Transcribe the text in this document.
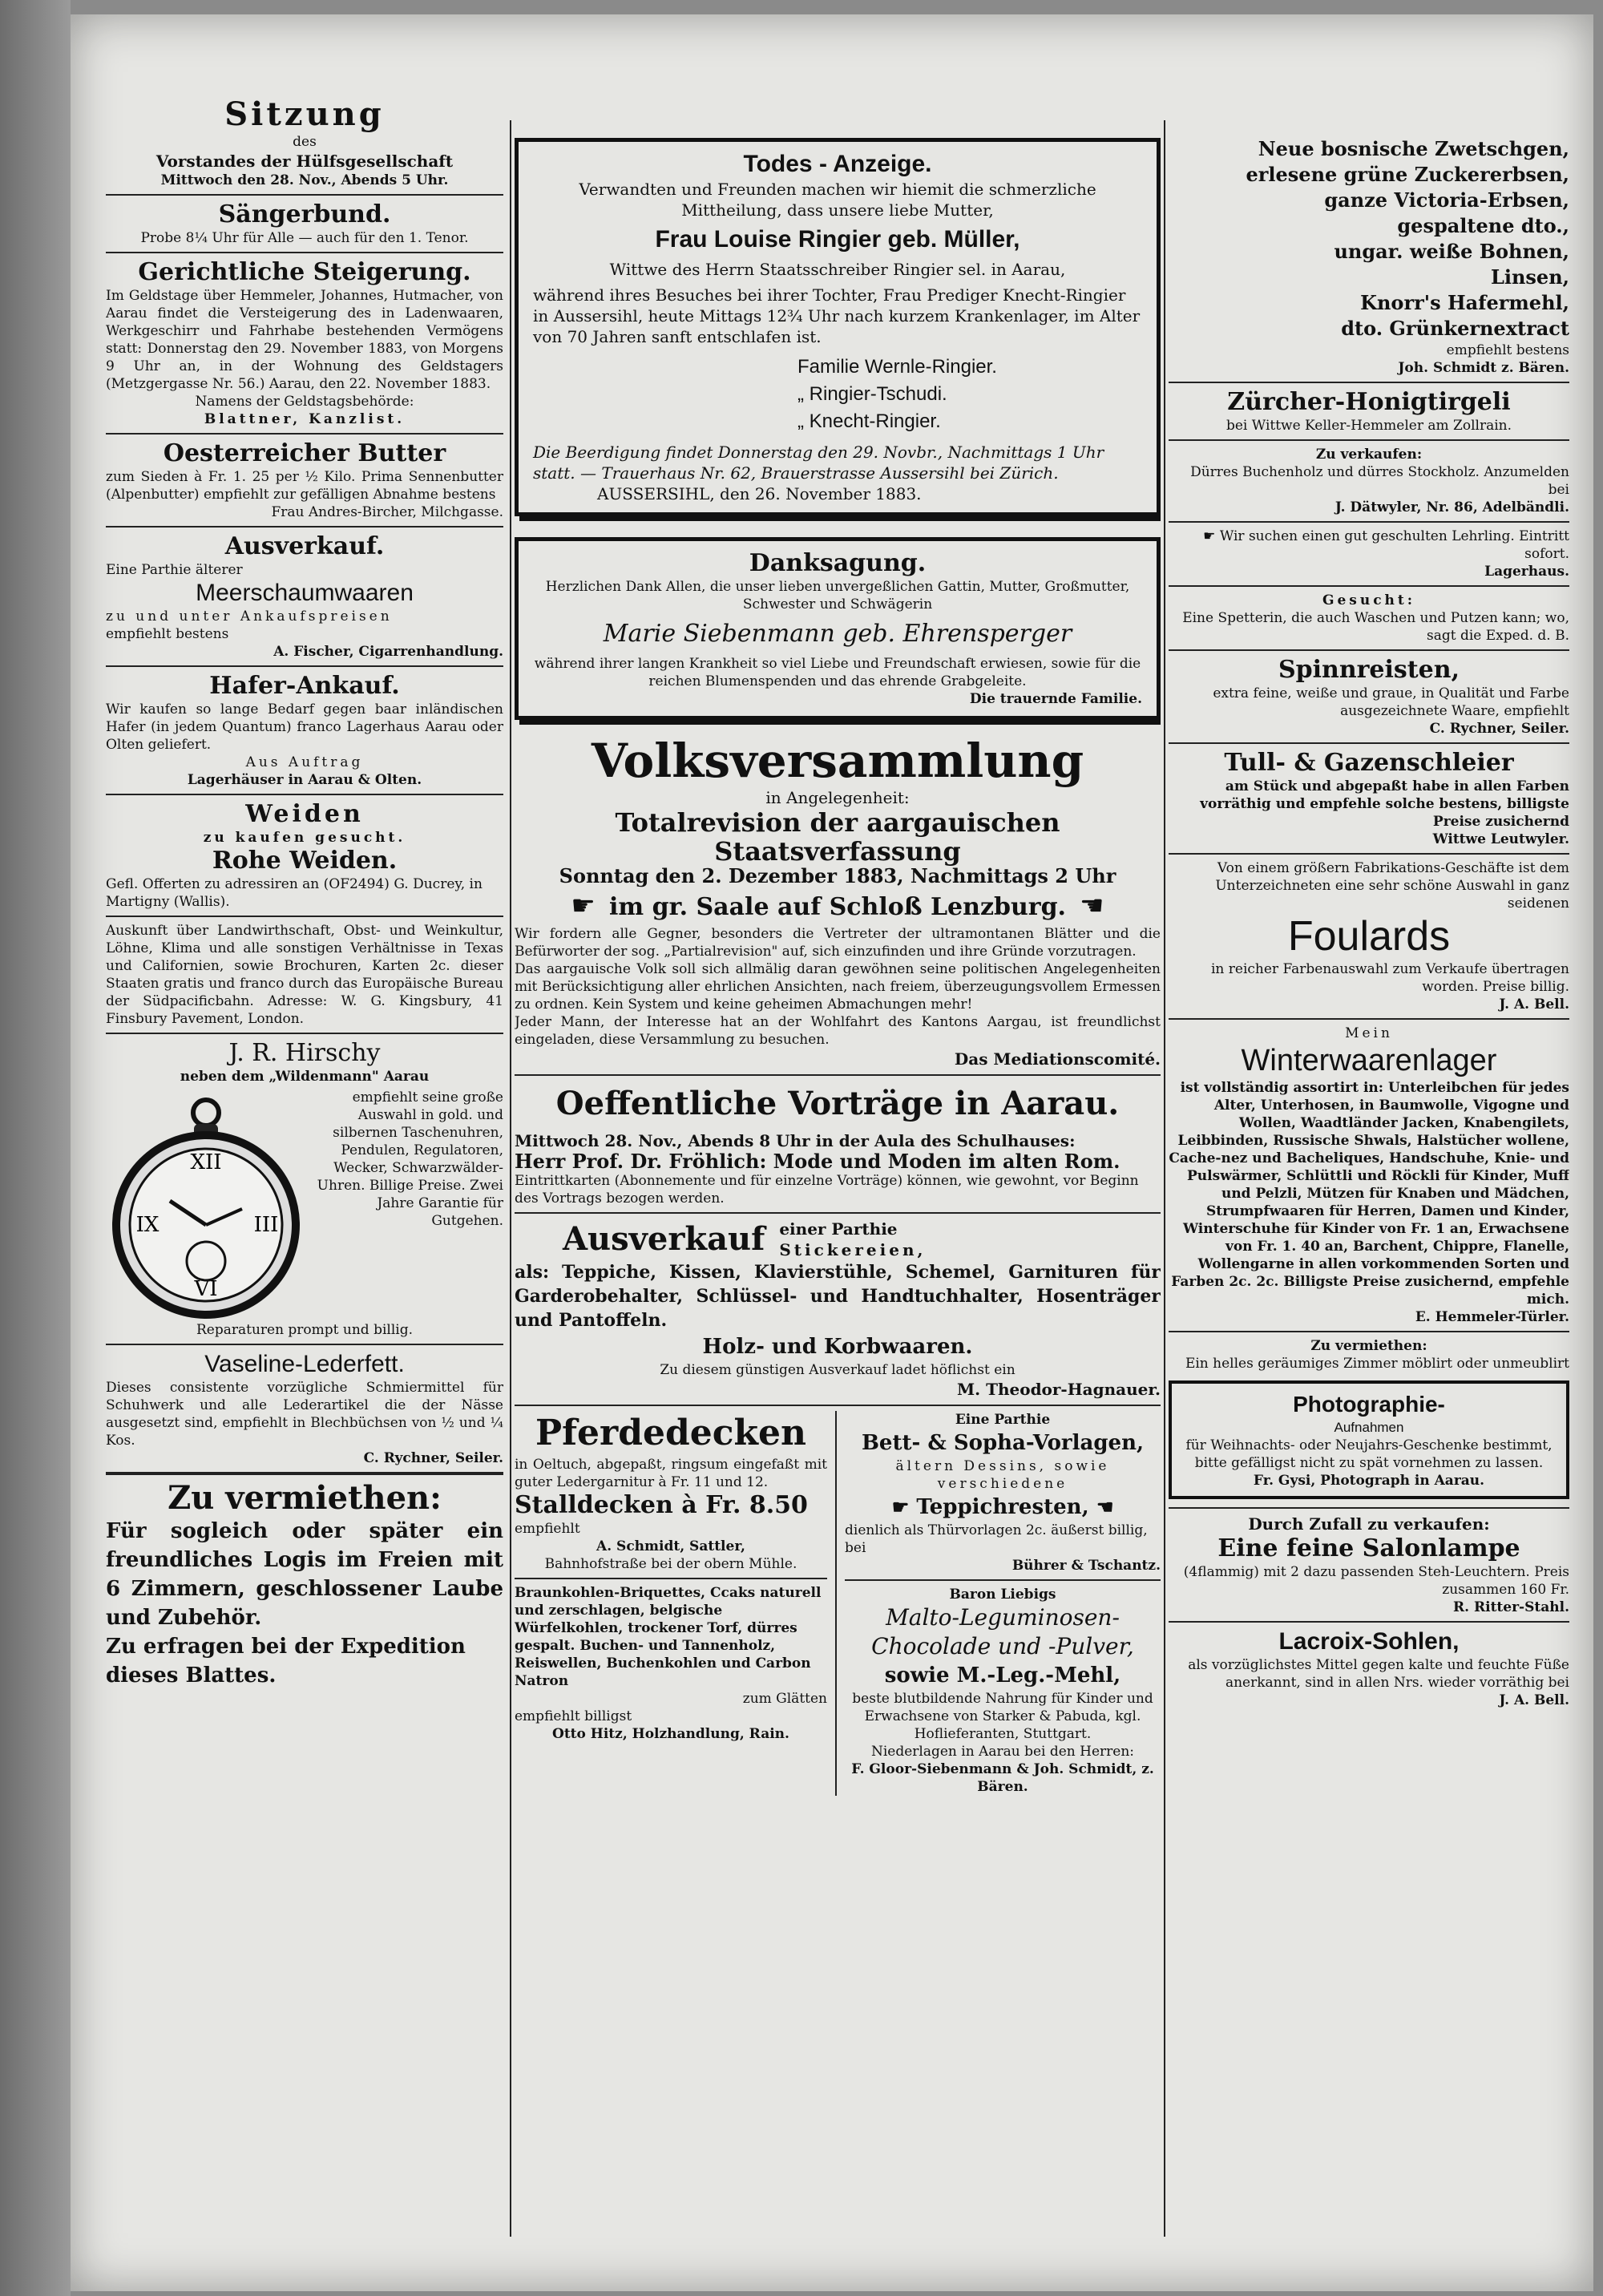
Sitzung

des

Vorstandes der Hülfsgesellschaft

Mittwoch den 28. Nov., Abends 5 Uhr.

Sängerbund.

Probe 8¼ Uhr für Alle — auch für den 1. Tenor.

Gerichtliche Steigerung.

Im Geldstage über Hemmeler, Johannes, Hutmacher, von Aarau findet die Versteigerung des in Ladenwaaren, Werkgeschirr und Fahrhabe bestehenden Vermögens statt: Donnerstag den 29. November 1883, von Morgens 9 Uhr an, in der Wohnung des Geldstagers (Metzgergasse Nr. 56.) Aarau, den 22. November 1883.

Namens der Geldstagsbehörde:

Blattner, Kanzlist.

Oesterreicher Butter

zum Sieden à Fr. 1. 25 per ½ Kilo. Prima Sennenbutter (Alpenbutter) empfiehlt zur gefälligen Abnahme bestens

Frau Andres-Bircher, Milchgasse.

Ausverkauf.

Eine Parthie älterer

Meerschaumwaaren

zu und unter Ankaufspreisen

empfiehlt bestens

A. Fischer, Cigarrenhandlung.

Hafer-Ankauf.

Wir kaufen so lange Bedarf gegen baar inländischen Hafer (in jedem Quantum) franco Lagerhaus Aarau oder Olten geliefert.

Aus Auftrag

Lagerhäuser in Aarau & Olten.

Weiden

zu kaufen gesucht.

Rohe Weiden.

Gefl. Offerten zu adressiren an (OF2494) G. Ducrey, in Martigny (Wallis).

Auskunft über Landwirthschaft, Obst- und Weinkultur, Löhne, Klima und alle sonstigen Verhältnisse in Texas und Californien, sowie Brochuren, Karten 2c. dieser Staaten gratis und franco durch das Europäische Bureau der Südpacificbahn. Adresse: W. G. Kingsbury, 41 Finsbury Pavement, London.

J. R. Hirschy

neben dem „Wildenmann" Aarau

XII
III
VI
IX

empfiehlt seine große Auswahl in gold. und silbernen Taschenuhren, Pendulen, Regulatoren, Wecker, Schwarzwälder-Uhren. Billige Preise. Zwei Jahre Garantie für Gutgehen.

Reparaturen prompt und billig.

Vaseline-Lederfett.

Dieses consistente vorzügliche Schmiermittel für Schuhwerk und alle Lederartikel die der Nässe ausgesetzt sind, empfiehlt in Blechbüchsen von ½ und ¼ Kos.

C. Rychner, Seiler.

Zu vermiethen:

Für sogleich oder später ein freundliches Logis im Freien mit 6 Zimmern, geschlossener Laube und Zubehör.

Zu erfragen bei der Expedition dieses Blattes.

Todes - Anzeige.

Verwandten und Freunden machen wir hiemit die schmerzliche Mittheilung, dass unsere liebe Mutter,

Frau Louise Ringier geb. Müller,

Wittwe des Herrn Staatsschreiber Ringier sel. in Aarau,

während ihres Besuches bei ihrer Tochter, Frau Prediger Knecht-Ringier in Aussersihl, heute Mittags 12¾ Uhr nach kurzem Krankenlager, im Alter von 70 Jahren sanft entschlafen ist.

Familie Wernle-Ringier.

„ Ringier-Tschudi.

„ Knecht-Ringier.

Die Beerdigung findet Donnerstag den 29. Novbr., Nachmittags 1 Uhr statt. — Trauerhaus Nr. 62, Brauerstrasse Aussersihl bei Zürich.

AUSSERSIHL, den 26. November 1883.

Danksagung.

Herzlichen Dank Allen, die unser lieben unvergeßlichen Gattin, Mutter, Großmutter, Schwester und Schwägerin

Marie Siebenmann geb. Ehrensperger

während ihrer langen Krankheit so viel Liebe und Freundschaft erwiesen, sowie für die reichen Blumenspenden und das ehrende Grabgeleite.

Die trauernde Familie.

Volksversammlung

in Angelegenheit:

Totalrevision der aargauischen Staatsverfassung

Sonntag den 2. Dezember 1883, Nachmittags 2 Uhr

☛ im gr. Saale auf Schloß Lenzburg. ☛

Wir fordern alle Gegner, besonders die Vertreter der ultramontanen Blätter und die Befürworter der sog. „Partialrevision" auf, sich einzufinden und ihre Gründe vorzutragen.

Das aargauische Volk soll sich allmälig daran gewöhnen seine politischen Angelegenheiten mit Berücksichtigung aller ehrlichen Ansichten, nach freiem, überzeugungsvollem Ermessen zu ordnen. Kein System und keine geheimen Abmachungen mehr!

Jeder Mann, der Interesse hat an der Wohlfahrt des Kantons Aargau, ist freundlichst eingeladen, diese Versammlung zu besuchen.

Das Mediationscomité.

Oeffentliche Vorträge in Aarau.

Mittwoch 28. Nov., Abends 8 Uhr in der Aula des Schulhauses:

Herr Prof. Dr. Fröhlich: Mode und Moden im alten Rom.

Eintrittkarten (Abonnemente und für einzelne Vorträge) können, wie gewohnt, vor Beginn des Vortrags bezogen werden.

Ausverkauf einer Parthie

Stickereien,

als: Teppiche, Kissen, Klavierstühle, Schemel, Garnituren für Garderobehalter, Schlüssel- und Handtuchhalter, Hosenträger und Pantoffeln.

Holz- und Korbwaaren.

Zu diesem günstigen Ausverkauf ladet höflichst ein

M. Theodor-Hagnauer.

Pferdedecken

in Oeltuch, abgepaßt, ringsum eingefaßt mit guter Ledergarnitur à Fr. 11 und 12.

Stalldecken à Fr. 8.50

empfiehlt

A. Schmidt, Sattler,

Bahnhofstraße bei der obern Mühle.

Braunkohlen-Briquettes, Ccaks naturell und zerschlagen, belgische Würfelkohlen, trockener Torf, dürres gespalt. Buchen- und Tannenholz, Reiswellen, Buchenkohlen und Carbon Natron

zum Glätten

empfiehlt billigst

Otto Hitz, Holzhandlung, Rain.

Eine Parthie

Bett- & Sopha-Vorlagen,

ältern Dessins, sowie verschiedene

☛ Teppichresten, ☛

dienlich als Thürvorlagen 2c. äußerst billig, bei

Bührer & Tschantz.

Baron Liebigs

Malto-Leguminosen-Chocolade und -Pulver,

sowie M.-Leg.-Mehl,

beste blutbildende Nahrung für Kinder und Erwachsene von Starker & Pabuda, kgl. Hoflieferanten, Stuttgart.

Niederlagen in Aarau bei den Herren:

F. Gloor-Siebenmann & Joh. Schmidt, z. Bären.

Neue bosnische Zwetschgen,

erlesene grüne Zuckererbsen,

ganze Victoria-Erbsen,

gespaltene dto.,

ungar. weiße Bohnen,

Linsen,

Knorr's Hafermehl,

dto. Grünkernextract

empfiehlt bestens

Joh. Schmidt z. Bären.

Zürcher-Honigtirgeli

bei Wittwe Keller-Hemmeler am Zollrain.

Zu verkaufen:

Dürres Buchenholz und dürres Stockholz. Anzumelden bei

J. Dätwyler, Nr. 86, Adelbändli.

☛ Wir suchen einen gut geschulten Lehrling. Eintritt sofort.

Lagerhaus.

Gesucht:

Eine Spetterin, die auch Waschen und Putzen kann; wo, sagt die Exped. d. B.

Spinnreisten,

extra feine, weiße und graue, in Qualität und Farbe ausgezeichnete Waare, empfiehlt

C. Rychner, Seiler.

Tull- & Gazenschleier

am Stück und abgepaßt habe in allen Farben vorräthig und empfehle solche bestens, billigste Preise zusichernd

Wittwe Leutwyler.

Von einem größern Fabrikations-Geschäfte ist dem Unterzeichneten eine sehr schöne Auswahl in ganz seidenen

Foulards

in reicher Farbenauswahl zum Verkaufe übertragen worden. Preise billig.

J. A. Bell.

Mein

Winterwaarenlager

ist vollständig assortirt in: Unterleibchen für jedes Alter, Unterhosen, in Baumwolle, Vigogne und Wollen, Waadtländer Jacken, Knabengilets, Leibbinden, Russische Shwals, Halstücher wollene, Cache-nez und Bacheliques, Handschuhe, Knie- und Pulswärmer, Schlüttli und Röckli für Kinder, Muff und Pelzli, Mützen für Knaben und Mädchen, Strumpfwaaren für Herren, Damen und Kinder, Winterschuhe für Kinder von Fr. 1 an, Erwachsene von Fr. 1. 40 an, Barchent, Chippre, Flanelle, Wollengarne in allen vorkommenden Sorten und Farben 2c. 2c. Billigste Preise zusichernd, empfehle mich.

E. Hemmeler-Türler.

Zu vermiethen:

Ein helles geräumiges Zimmer möblirt oder unmeublirt

Photographie-

Aufnahmen

für Weihnachts- oder Neujahrs-Geschenke bestimmt, bitte gefälligst nicht zu spät vornehmen zu lassen.

Fr. Gysi, Photograph in Aarau.

Durch Zufall zu verkaufen:

Eine feine Salonlampe

(4flammig) mit 2 dazu passenden Steh-Leuchtern. Preis zusammen 160 Fr.

R. Ritter-Stahl.

Lacroix-Sohlen,

als vorzüglichstes Mittel gegen kalte und feuchte Füße anerkannt, sind in allen Nrs. wieder vorräthig bei

J. A. Bell.
